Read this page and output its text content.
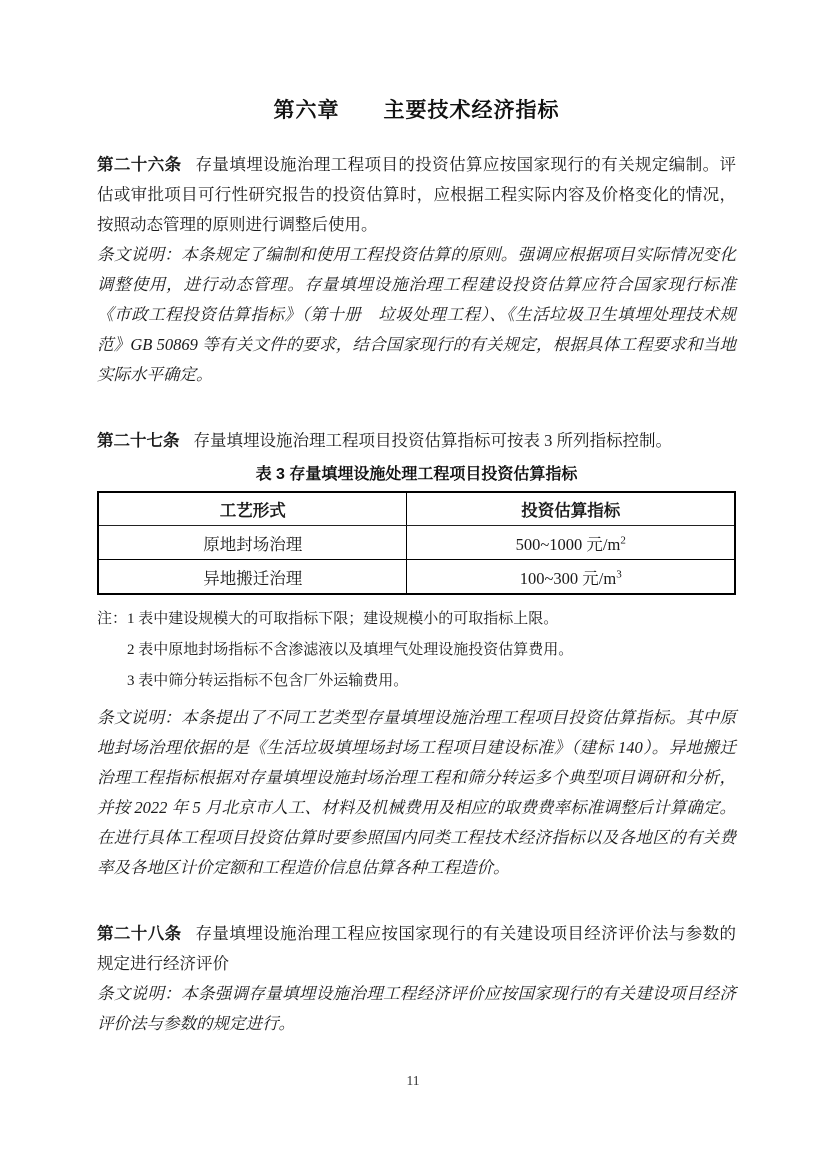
第六章　　主要技术经济指标

第二十六条 存量填埋设施治理工程项目的投资估算应按国家现行的有关规定编制。评估或审批项目可行性研究报告的投资估算时，应根据工程实际内容及价格变化的情况，按照动态管理的原则进行调整后使用。

条文说明：本条规定了编制和使用工程投资估算的原则。强调应根据项目实际情况变化调整使用，进行动态管理。存量填埋设施治理工程建设投资估算应符合国家现行标准《市政工程投资估算指标》（第十册　垃圾处理工程）、《生活垃圾卫生填埋处理技术规范》GB 50869 等有关文件的要求，结合国家现行的有关规定，根据具体工程要求和当地实际水平确定。

第二十七条 存量填埋设施治理工程项目投资估算指标可按表 3 所列指标控制。

表 3 存量填埋设施处理工程项目投资估算指标
工艺形式	投资估算指标
原地封场治理	500~1000 元$/m^2$
异地搬迁治理	100~300 元$/m^3$

注：1 表中建设规模大的可取指标下限；建设规模小的可取指标上限。

2 表中原地封场指标不含渗滤液以及填埋气处理设施投资估算费用。

3 表中筛分转运指标不包含厂外运输费用。

条文说明：本条提出了不同工艺类型存量填埋设施治理工程项目投资估算指标。其中原地封场治理依据的是《生活垃圾填埋场封场工程项目建设标准》（建标 140）。异地搬迁治理工程指标根据对存量填埋设施封场治理工程和筛分转运多个典型项目调研和分析，并按 2022 年 5 月北京市人工、材料及机械费用及相应的取费费率标准调整后计算确定。在进行具体工程项目投资估算时要参照国内同类工程技术经济指标以及各地区的有关费率及各地区计价定额和工程造价信息估算各种工程造价。

第二十八条 存量填埋设施治理工程应按国家现行的有关建设项目经济评价法与参数的规定进行经济评价

条文说明：本条强调存量填埋设施治理工程经济评价应按国家现行的有关建设项目经济评价法与参数的规定进行。

11
